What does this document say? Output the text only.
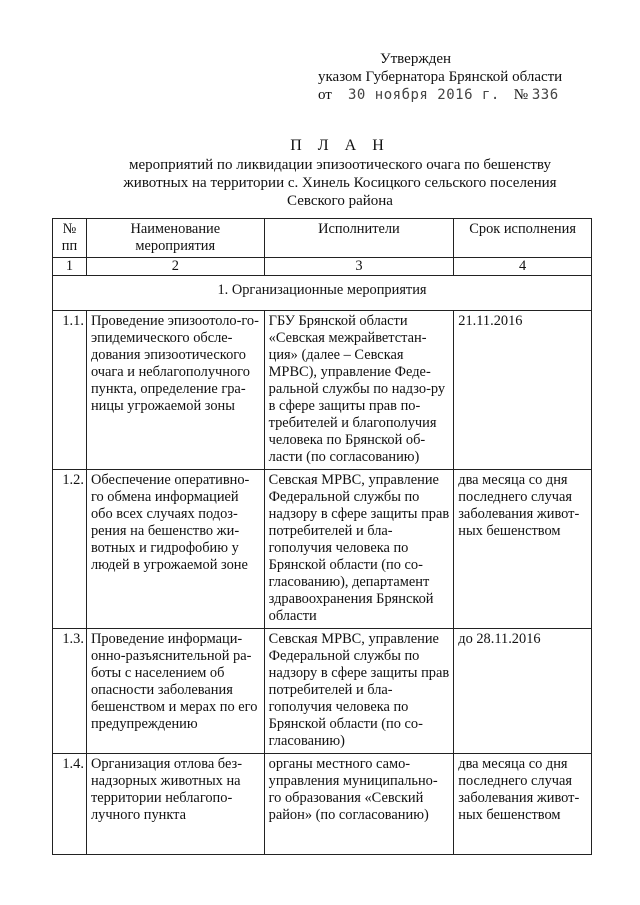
Утвержден
указом Губернатора Брянской области
от	30 ноября 2016 г. №
336
П Л А Н
мероприятий по ликвидации эпизоотического очага по бешенству
животных на территории с. Хинель Косицкого сельского поселения
Севского района
№ пп	Наименование мероприятия	Исполнители	Срок исполнения
1	2	3	4
1. Организационные мероприятия			
1.1.	Проведение эпизоотоло-го-эпидемического обсле-дования эпизоотического очага и неблагополучного пункта, определение гра-ницы угрожаемой зоны	ГБУ Брянской области «Севская межрайветстан-ция» (далее – Севская МРВС), управление Феде-ральной службы по надзо-ру в сфере защиты прав по-требителей и благополучия человека по Брянской об-ласти (по согласованию)	21.11.2016
1.2.	Обеспечение оперативно-го обмена информацией обо всех случаях подоз-рения на бешенство жи-вотных и гидрофобию у людей в угрожаемой зоне	Севская МРВС, управление Федеральной службы по надзору в сфере защиты прав потребителей и бла-гополучия человека по Брянской области (по со-гласованию), департамент здравоохранения Брянской области	два месяца со дня последнего случая заболевания живот-ных бешенством
1.3.	Проведение информаци-онно-разъяснительной ра-боты с населением об опасности заболевания бешенством и мерах по его предупреждению	Севская МРВС, управление Федеральной службы по надзору в сфере защиты прав потребителей и бла-гополучия человека по Брянской области (по со-гласованию)	до 28.11.2016
1.4.	Организация отлова без-надзорных животных на территории неблагопо-лучного пункта	органы местного само-управления муниципально-го образования «Севский район» (по согласованию)	два месяца со дня последнего случая заболевания живот-ных бешенством
